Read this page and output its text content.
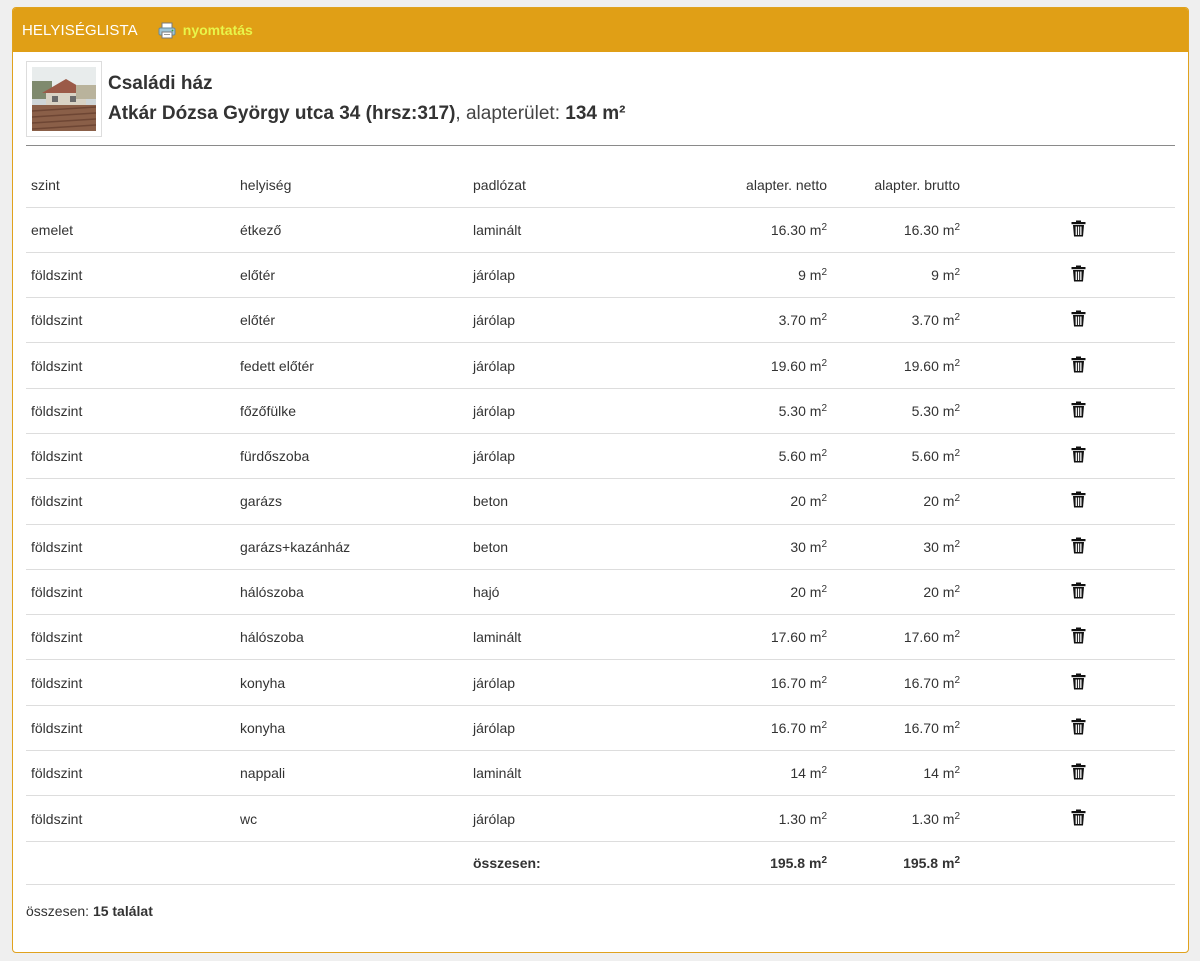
HELYISÉGLISTA	nyomtatás
Családi ház
Atkár Dózsa György utca 34 (hrsz:317), alapterület: 134 m²
szint	helyiség	padlózat	alapter. netto	alapter. brutto	
emelet	étkező	laminált	16.30 $m^2$	16.30 $m^2$	
földszint	előtér	járólap	9 $m^2$	9 $m^2$	
földszint	előtér	járólap	3.70 $m^2$	3.70 $m^2$	
földszint	fedett előtér	járólap	19.60 $m^2$	19.60 $m^2$	
földszint	főzőfülke	járólap	5.30 $m^2$	5.30 $m^2$	
földszint	fürdőszoba	járólap	5.60 $m^2$	5.60 $m^2$	
földszint	garázs	beton	20 $m^2$	20 $m^2$	
földszint	garázs+kazánház	beton	30 $m^2$	30 $m^2$	
földszint	hálószoba	hajó	20 $m^2$	20 $m^2$	
földszint	hálószoba	laminált	17.60 $m^2$	17.60 $m^2$	
földszint	konyha	járólap	16.70 $m^2$	16.70 $m^2$	
földszint	konyha	járólap	16.70 $m^2$	16.70 $m^2$	
földszint	nappali	laminált	14 $m^2$	14 $m^2$	
földszint	wc	járólap	1.30 $m^2$	1.30 $m^2$	
		összesen:	195.8 $m^2$	195.8 $m^2$	
összesen: 15 találat
